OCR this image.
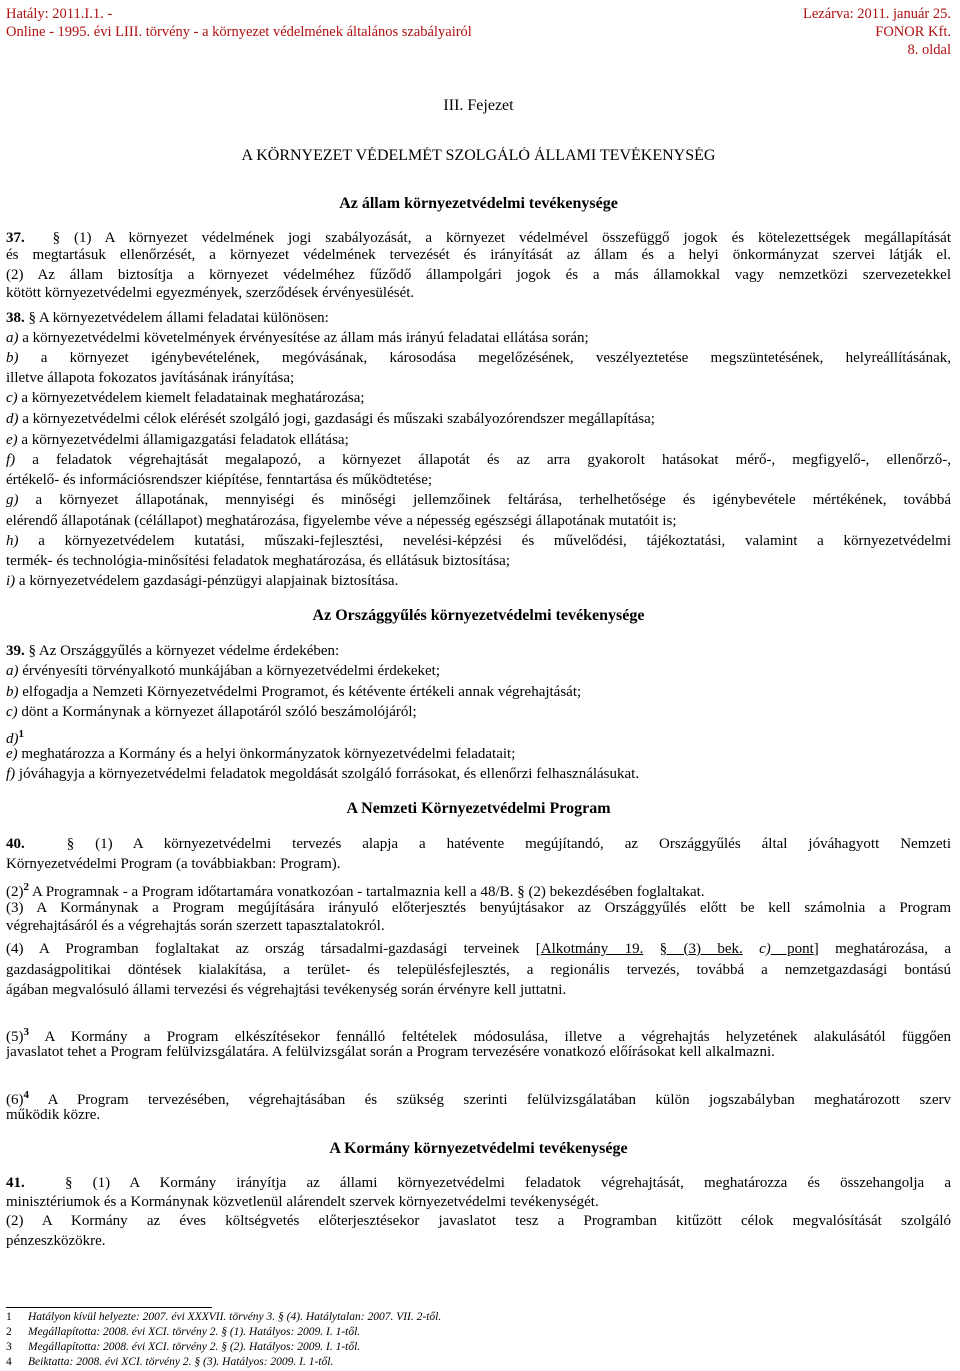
Hatály: 2011.I.1. -
Online - 1995. évi LIII. törvény - a környezet védelmének általános szabályairól
Lezárva: 2011. január 25.
FONOR Kft.
8. oldal
III. Fejezet
A KÖRNYEZET VÉDELMÉT SZOLGÁLÓ ÁLLAMI TEVÉKENYSÉG
Az állam környezetvédelmi tevékenysége
37. § (1) A környezet védelmének jogi szabályozását, a környezet védelmével összefüggő jogok és kötelezettségek megállapítását
és megtartásuk ellenőrzését, a környezet védelmének tervezését és irányítását az állam és a helyi önkormányzat szervei látják el.
(2) Az állam biztosítja a környezet védelméhez fűződő állampolgári jogok és a más államokkal vagy nemzetközi szervezetekkel
kötött környezetvédelmi egyezmények, szerződések érvényesülését.
38. § A környezetvédelem állami feladatai különösen:
a) a környezetvédelmi követelmények érvényesítése az állam más irányú feladatai ellátása során;
b) a környezet igénybevételének, megóvásának, károsodása megelőzésének, veszélyeztetése megszüntetésének, helyreállításának,
illetve állapota fokozatos javításának irányítása;
c) a környezetvédelem kiemelt feladatainak meghatározása;
d) a környezetvédelmi célok elérését szolgáló jogi, gazdasági és műszaki szabályozórendszer megállapítása;
e) a környezetvédelmi államigazgatási feladatok ellátása;
f) a feladatok végrehajtását megalapozó, a környezet állapotát és az arra gyakorolt hatásokat mérő-, megfigyelő-, ellenőrző-,
értékelő- és információsrendszer kiépítése, fenntartása és működtetése;
g) a környezet állapotának, mennyiségi és minőségi jellemzőinek feltárása, terhelhetősége és igénybevétele mértékének, továbbá
elérendő állapotának (célállapot) meghatározása, figyelembe véve a népesség egészségi állapotának mutatóit is;
h) a környezetvédelem kutatási, műszaki-fejlesztési, nevelési-képzési és művelődési, tájékoztatási, valamint a környezetvédelmi
termék- és technológia-minősítési feladatok meghatározása, és ellátásuk biztosítása;
i) a környezetvédelem gazdasági-pénzügyi alapjainak biztosítása.
Az Országgyűlés környezetvédelmi tevékenysége
39. § Az Országgyűlés a környezet védelme érdekében:
a) érvényesíti törvényalkotó munkájában a környezetvédelmi érdekeket;
b) elfogadja a Nemzeti Környezetvédelmi Programot, és kétévente értékeli annak végrehajtását;
c) dönt a Kormánynak a környezet állapotáról szóló beszámolójáról;
d)$^1$
e) meghatározza a Kormány és a helyi önkormányzatok környezetvédelmi feladatait;
f) jóváhagyja a környezetvédelmi feladatok megoldását szolgáló forrásokat, és ellenőrzi felhasználásukat.
A Nemzeti Környezetvédelmi Program
40.	§ (1) A környezetvédelmi tervezés alapja a hatévente megújítandó, az Országgyűlés által jóváhagyott Nemzeti
Környezetvédelmi Program (a továbbiakban: Program).
$(2)^2$ A Programnak - a Program időtartamára vonatkozóan - tartalmaznia kell a 48/B. § (2) bekezdésében foglaltakat.
(3) A Kormánynak a Program megújítására irányuló előterjesztés benyújtásakor az Országgyűlés előtt be kell számolnia a Program
végrehajtásáról és a végrehajtás során szerzett tapasztalatokról.
(4) A Programban foglaltakat az ország társadalmi-gazdasági terveinek [Alkotmány 19. § (3) bek. c) pont] meghatározása, a
gazdaságpolitikai döntések kialakítása, a terület- és településfejlesztés, a regionális tervezés, továbbá a nemzetgazdasági bontású
ágában megvalósuló állami tervezési és végrehajtási tevékenység során érvényre kell juttatni.
$(5)^3$ A Kormány a Program elkészítésekor fennálló feltételek módosulása, illetve a végrehajtás helyzetének alakulásától függően
javaslatot tehet a Program felülvizsgálatára. A felülvizsgálat során a Program tervezésére vonatkozó előírásokat kell alkalmazni.
$(6)^4$ A Program tervezésében, végrehajtásában és szükség szerinti felülvizsgálatában külön jogszabályban meghatározott szerv
működik közre.
A Kormány környezetvédelmi tevékenysége
41.	§ (1) A Kormány irányítja az állami környezetvédelmi feladatok végrehajtását, meghatározza és összehangolja a
minisztériumok és a Kormánynak közvetlenül alárendelt szervek környezetvédelmi tevékenységét.
(2) A Kormány az éves költségvetés előterjesztésekor javaslatot tesz a Programban kitűzött célok megvalósítását szolgáló
pénzeszközökre.
1 Hatályon kívül helyezte: 2007. évi XXXVII. törvény 3. § (4). Hatálytalan: 2007. VII. 2-től.
2 Megállapította: 2008. évi XCI. törvény 2. § (1). Hatályos: 2009. I. 1-től.
3 Megállapította: 2008. évi XCI. törvény 2. § (2). Hatályos: 2009. I. 1-től.
4 Beiktatta: 2008. évi XCI. törvény 2. § (3). Hatályos: 2009. I. 1-től.
